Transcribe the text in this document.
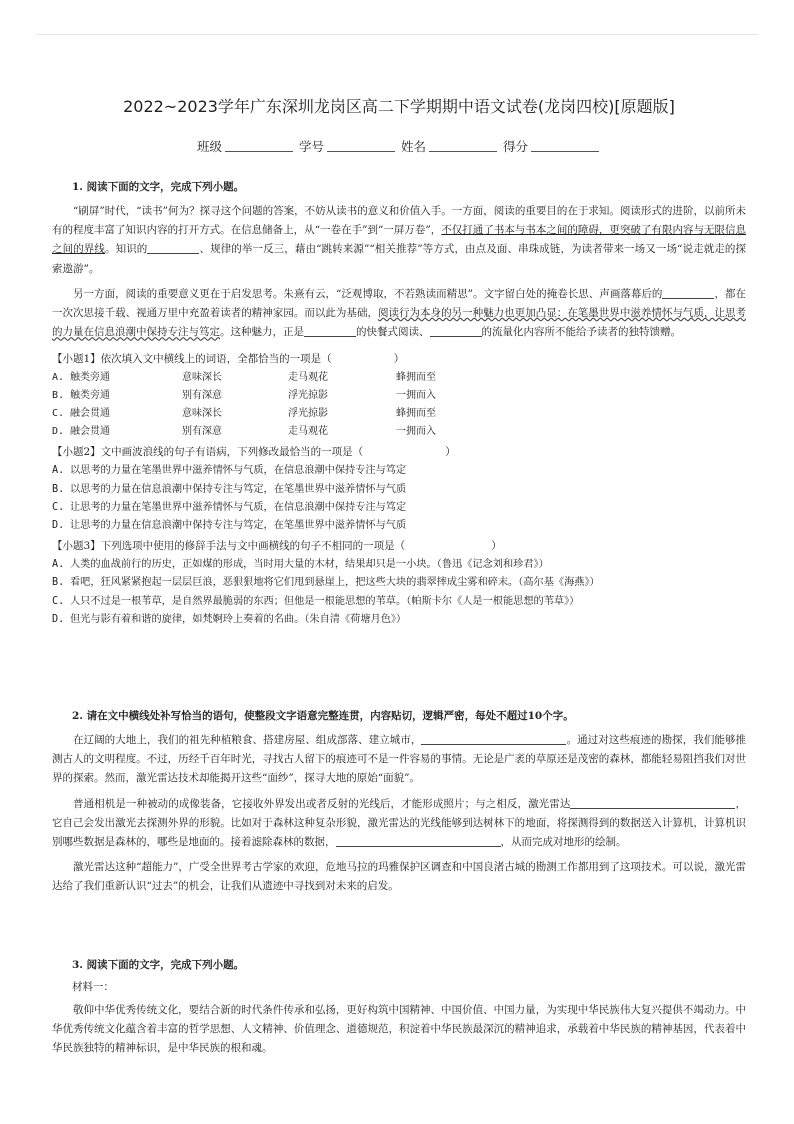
2022~2023学年广东深圳龙岗区高二下学期期中语文试卷(龙岗四校)[原题版]
班级	学号	姓名	得分
1. 阅读下面的文字，完成下列小题。

“刷屏”时代，“读书”何为？探寻这个问题的答案，不妨从读书的意义和价值入手。一方面，阅读的重要目的在于求知。阅读形式的进阶，以前所未有的程度丰富了知识内容的打开方式。在信息储备上，从“一卷在手”到“一屏万卷”，不仅打通了书本与书本之间的障碍，更突破了有限内容与无限信息之间的界线。知识的	、规律的举一反三，藉由“跳转来源”“相关推荐”等方式，由点及面、串珠成链，为读者带来一场又一场“说走就走的探索遨游”。

另一方面，阅读的重要意义更在于启发思考。朱熹有云，“泛观博取，不若熟读而精思”。文字留白处的掩卷长思、声画落幕后的	，都在一次次思接千载、视通万里中充盈着读者的精神家园。而以此为基础，阅读行为本身的另一种魅力也更加凸显：在笔墨世界中滋养情怀与气质，让思考的力量在信息浪潮中保持专注与笃定。这种魅力，正是	的快餐式阅读、	的流量化内容所不能给予读者的独特馈赠。

【小题1】依次填入文中横线上的词语，全都恰当的一项是（	）
A. 触类旁通	意味深长	走马观花	蜂拥而至
B. 触类旁通	别有深意	浮光掠影	一拥而入
C. 融会贯通	意味深长	浮光掠影	蜂拥而至
D. 融会贯通	别有深意	走马观花	一拥而入
【小题2】文中画波浪线的句子有语病，下列修改最恰当的一项是（	）
A. 以思考的力量在笔墨世界中滋养情怀与气质，在信息浪潮中保持专注与笃定
B. 以思考的力量在信息浪潮中保持专注与笃定，在笔墨世界中滋养情怀与气质
C. 让思考的力量在笔墨世界中滋养情怀与气质，在信息浪潮中保持专注与笃定
D. 让思考的力量在信息浪潮中保持专注与笃定，在笔墨世界中滋养情怀与气质
【小题3】下列选项中使用的修辞手法与文中画横线的句子不相同的一项是（	）
A. 人类的血战前行的历史，正如煤的形成，当时用大量的木材，结果却只是一小块。（鲁迅《记念刘和珍君》）
B. 看吧，狂风紧紧抱起一层层巨浪，恶狠狠地将它们甩到悬崖上，把这些大块的翡翠摔成尘雾和碎末。（高尔基《海燕》）
C. 人只不过是一根苇草，是自然界最脆弱的东西；但他是一根能思想的苇草。（帕斯卡尔《人是一根能思想的苇草》）
D. 但光与影有着和谐的旋律，如梵婀玲上奏着的名曲。（朱自清《荷塘月色》）
2. 请在文中横线处补写恰当的语句，使整段文字语意完整连贯，内容贴切，逻辑严密，每处不超过10个字。

在辽阔的大地上，我们的祖先种植粮食、搭建房屋、组成部落、建立城市，	。通过对这些痕迹的勘探，我们能够推测古人的文明程度。不过，历经千百年时光，寻找古人留下的痕迹可不是一件容易的事情。无论是广袤的草原还是茂密的森林，都能轻易阻挡我们对世界的探索。然而，激光雷达技术却能揭开这些“面纱”，探寻大地的原始“面貌”。

普通相机是一种被动的成像装备，它接收外界发出或者反射的光线后，才能形成照片；与之相反，激光雷达	，它自己会发出激光去探测外界的形貌。比如对于森林这种复杂形貌，激光雷达的光线能够到达树林下的地面，将探测得到的数据送入计算机，计算机识别哪些数据是森林的，哪些是地面的。接着滤除森林的数据，	，从而完成对地形的绘制。

激光雷达这种“超能力”，广受全世界考古学家的欢迎，危地马拉的玛雅保护区调查和中国良渚古城的勘测工作都用到了这项技术。可以说，激光雷达给了我们重新认识“过去”的机会，让我们从遗迹中寻找到对未来的启发。

3. 阅读下面的文字，完成下列小题。
材料一：

敬仰中华优秀传统文化，要结合新的时代条件传承和弘扬，更好构筑中国精神、中国价值、中国力量，为实现中华民族伟大复兴提供不竭动力。中华优秀传统文化蕴含着丰富的哲学思想、人文精神、价值理念、道德规范，积淀着中华民族最深沉的精神追求，承载着中华民族的精神基因，代表着中华民族独特的精神标识，是中华民族的根和魂。
